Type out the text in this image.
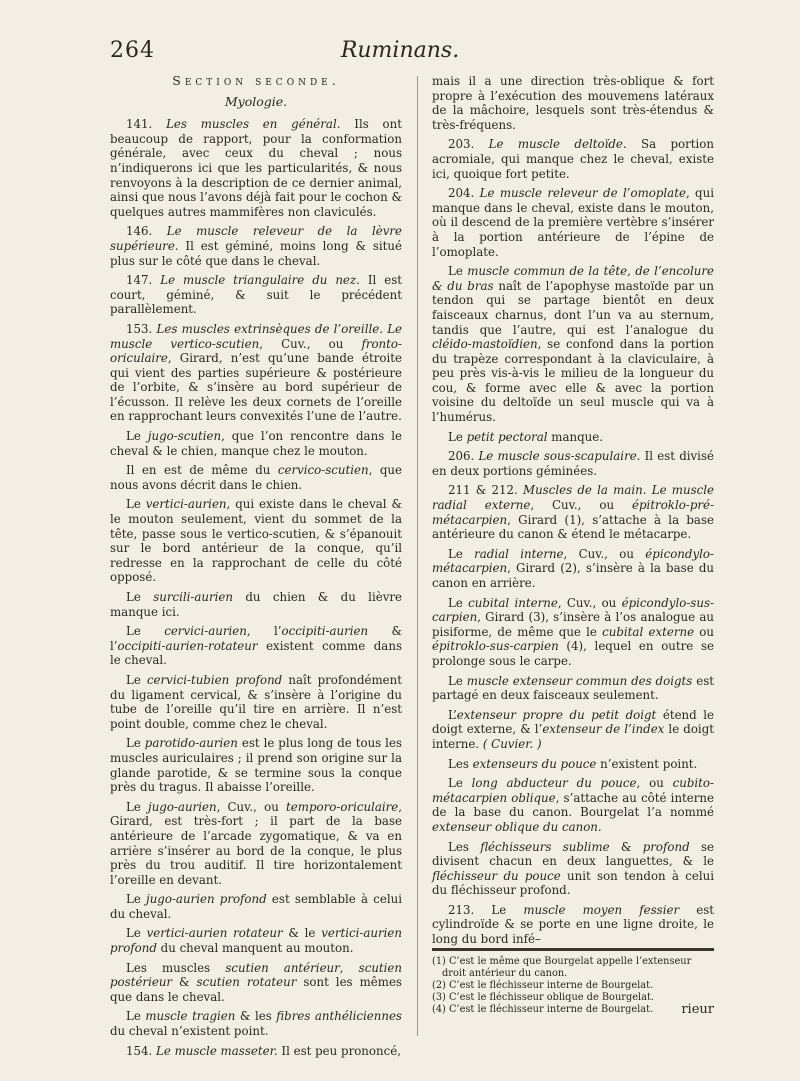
264	Ruminans.
Section seconde.
Myologie.

141. Les muscles en général. Ils ont beaucoup de rapport, pour la conformation générale, avec ceux du cheval ; nous n’indiquerons ici que les particularités, & nous renvoyons à la description de ce dernier animal, ainsi que nous l’avons déjà fait pour le cochon & quelques autres mammifères non claviculés.

146. Le muscle releveur de la lèvre supérieure. Il est géminé, moins long & situé plus sur le côté que dans le cheval.

147. Le muscle triangulaire du nez. Il est court, géminé, & suit le précédent parallèlement.

153. Les muscles extrinsèques de l’oreille. Le muscle vertico-scutien, Cuv., ou fronto-oriculaire, Girard, n’est qu’une bande étroite qui vient des parties supérieure & postérieure de l’orbite, & s’insère au bord supérieur de l’écusson. Il relève les deux cornets de l’oreille en rapprochant leurs convexités l’une de l’autre.

Le jugo-scutien, que l’on rencontre dans le cheval & le chien, manque chez le mouton.

Il en est de même du cervico-scutien, que nous avons décrit dans le chien.

Le vertici-aurien, qui existe dans le cheval & le mouton seulement, vient du sommet de la tête, passe sous le vertico-scutien, & s’épanouit sur le bord antérieur de la conque, qu’il redresse en la rapprochant de celle du côté opposé.

Le surcili-aurien du chien & du lièvre manque ici.

Le cervici-aurien, l’occipiti-aurien & l’occipiti-aurien-rotateur existent comme dans le cheval.

Le cervici-tubien profond naît profondément du ligament cervical, & s’insère à l’origine du tube de l’oreille qu’il tire en arrière. Il n’est point double, comme chez le cheval.

Le parotido-aurien est le plus long de tous les muscles auriculaires ; il prend son origine sur la glande parotide, & se termine sous la conque près du tragus. Il abaisse l’oreille.

Le jugo-aurien, Cuv., ou temporo-oriculaire, Girard, est très-fort ; il part de la base antérieure de l’arcade zygomatique, & va en arrière s’insérer au bord de la conque, le plus près du trou auditif. Il tire horizontalement l’oreille en devant.

Le jugo-aurien profond est semblable à celui du cheval.

Le vertici-aurien rotateur & le vertici-aurien profond du cheval manquent au mouton.

Les muscles scutien antérieur, scutien postérieur & scutien rotateur sont les mêmes que dans le cheval.

Le muscle tragien & les fibres anthéliciennes du cheval n’existent point.

154. Le muscle masseter. Il est peu prononcé,

mais il a une direction très-oblique & fort propre à l’exécution des mouvemens latéraux de la mâchoire, lesquels sont très-étendus & très-fréquens.

203. Le muscle deltoïde. Sa portion acromiale, qui manque chez le cheval, existe ici, quoique fort petite.

204. Le muscle releveur de l’omoplate, qui manque dans le cheval, existe dans le mouton, où il descend de la première vertèbre s’insérer à la portion antérieure de l’épine de l’omoplate.

Le muscle commun de la tête, de l’encolure & du bras naît de l’apophyse mastoïde par un tendon qui se partage bientôt en deux faisceaux charnus, dont l’un va au sternum, tandis que l’autre, qui est l’analogue du cléido-mastoïdien, se confond dans la portion du trapèze correspondant à la claviculaire, à peu près vis-à-vis le milieu de la longueur du cou, & forme avec elle & avec la portion voisine du deltoïde un seul muscle qui va à l’humérus.

Le petit pectoral manque.

206. Le muscle sous-scapulaire. Il est divisé en deux portions géminées.

211 & 212. Muscles de la main. Le muscle radial externe, Cuv., ou épitroklo-pré-métacarpien, Girard (1), s’attache à la base antérieure du canon & étend le métacarpe.

Le radial interne, Cuv., ou épicondylo-métacarpien, Girard (2), s’insère à la base du canon en arrière.

Le cubital interne, Cuv., ou épicondylo-sus-carpien, Girard (3), s’insère à l’os analogue au pisiforme, de même que le cubital externe ou épitroklo-sus-carpien (4), lequel en outre se prolonge sous le carpe.

Le muscle extenseur commun des doigts est partagé en deux faisceaux seulement.

L’extenseur propre du petit doigt étend le doigt externe, & l’extenseur de l’index le doigt interne. ( Cuvier. )

Les extenseurs du pouce n’existent point.

Le long abducteur du pouce, ou cubito-métacarpien oblique, s’attache au côté interne de la base du canon. Bourgelat l’a nommé extenseur oblique du canon.

Les fléchisseurs sublime & profond se divisent chacun en deux languettes, & le fléchisseur du pouce unit son tendon à celui du fléchisseur profond.

213. Le muscle moyen fessier est cylindroïde & se porte en une ligne droite, le long du bord infé–

(1) C’est le même que Bourgelat appelle l’extenseur droit antérieur du canon.

(2) C’est le fléchisseur interne de Bourgelat.

(3) C’est le fléchisseur oblique de Bourgelat.

(4) C’est le fléchisseur interne de Bourgelat.	rieur
